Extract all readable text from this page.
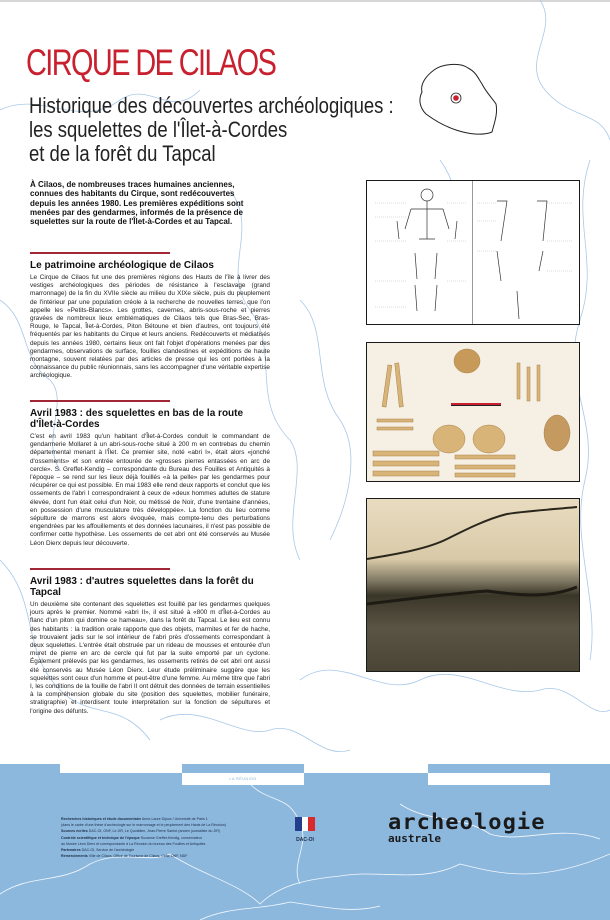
CIRQUE DE CILAOS
Historique des découvertes archéologiques :
les squelettes de l'Îlet-à-Cordes
et de la forêt du Tapcal
À Cilaos, de nombreuses traces humaines anciennes, connues des habitants du Cirque, sont redécouvertes depuis les années 1980. Les premières expéditions sont menées par des gendarmes, informés de la présence de squelettes sur la route de l'Îlet-à-Cordes et au Tapcal.
Le patrimoine archéologique de Cilaos

Le Cirque de Cilaos fut une des premières régions des Hauts de l'île à livrer des vestiges archéologiques des périodes de résistance à l'esclavage (grand marronnage) de la fin du XVIIe siècle au milieu du XIXe siècle, puis du peuplement de l'intérieur par une population créole à la recherche de nouvelles terres, que l'on appelle les «Petits-Blancs». Les grottes, cavernes, abris-sous-roche et pierres gravées de nombreux lieux emblématiques de Cilaos tels que Bras-Sec, Bras-Rouge, le Tapcal, Îlet-à-Cordes, Piton Bétoune et bien d'autres, ont toujours été fréquentés par les habitants du Cirque et leurs anciens. Redécouverts et médiatisés depuis les années 1980, certains lieux ont fait l'objet d'opérations menées par des gendarmes, observations de surface, fouilles clandestines et expéditions de haute montagne, souvent relatées par des articles de presse qui les ont portées à la connaissance du public réunionnais, sans les accompagner d'une véritable expertise archéologique.

Avril 1983 : des squelettes en bas de la route d'Îlet-à-Cordes

C'est en avril 1983 qu'un habitant d'Îlet-à-Cordes conduit le commandant de gendarmerie Mollaret à un abri-sous-roche situé à 200 m en contrebas du chemin départemental menant à l'Îlet. Ce premier site, noté «abri I», était alors «jonché d'ossements» et son entrée entourée de «grosses pierres entassées en arc de cercle». S. Greffet-Kendig – correspondante du Bureau des Fouilles et Antiquités à l'époque – se rend sur les lieux déjà fouillés «à la pelle» par les gendarmes pour récupérer ce qui est possible. En mai 1983 elle rend deux rapports et conclut que les ossements de l'abri I correspondraient à ceux de «deux hommes adultes de stature élevée, dont l'un était celui d'un Noir, ou métissé de Noir, d'une trentaine d'années, en possession d'une musculature très développée». La fonction du lieu comme sépulture de marrons est alors évoquée, mais compte-tenu des perturbations engendrées par les affouillements et des données lacunaires, il n'est pas possible de confirmer cette hypothèse. Les ossements de cet abri ont été conservés au Musée Léon Dierx depuis leur découverte.

Avril 1983 : d'autres squelettes dans la forêt du Tapcal

Un deuxième site contenant des squelettes est fouillé par les gendarmes quelques jours après le premier. Nommé «abri II», il est situé à «800 m d'Îlet-à-Cordes au flanc d'un piton qui domine ce hameau», dans la forêt du Tapcal. Le lieu est connu des habitants : la tradition orale rapporte que des objets, marmites et fer de hache, se trouvaient jadis sur le sol intérieur de l'abri près d'ossements correspondant à deux squelettes. L'entrée était obstruée par un rideau de mousses et entourée d'un muret de pierre en arc de cercle qui fut par la suite emporté par un cyclone. Également prélevés par les gendarmes, les ossements retirés de cet abri ont aussi été conservés au Musée Léon Dierx. Leur étude préliminaire suggère que les squelettes sont ceux d'un homme et peut-être d'une femme. Au même titre que l'abri I, les conditions de la fouille de l'abri II ont détruit des données de terrain essentielles à la compréhension globale du site (position des squelettes, mobilier funéraire, stratigraphie) et interdisent toute interprétation sur la fonction de sépultures et l'origine des défunts.

LA RÉUNION
Recherches historiques et étude documentaire Anne-Laure Dijoux / Université de Paris 1
(dans le cadre d'une thèse d'archéologie sur le marronnage et le peuplement des Hauts de La Réunion)
Sources écrites DAC-OI, ONF, Le JIR, Le Quotidien, Jean-Pierre Santot (ancien journaliste du JIR)
Contrôle scientifique et technique de l'époque Suzanne Greffet-Kendig, conservateur
du Musée Léon Dierx et correspondante à La Réunion du bureau des Fouilles et Antiquités
Partenaires DAC-OI, Service de l'archéologie
Remerciements Ville de Cilaos, Office de Tourisme de Cilaos, Cirta, ONF, NDF
DAC-OI
archeologie
australe
